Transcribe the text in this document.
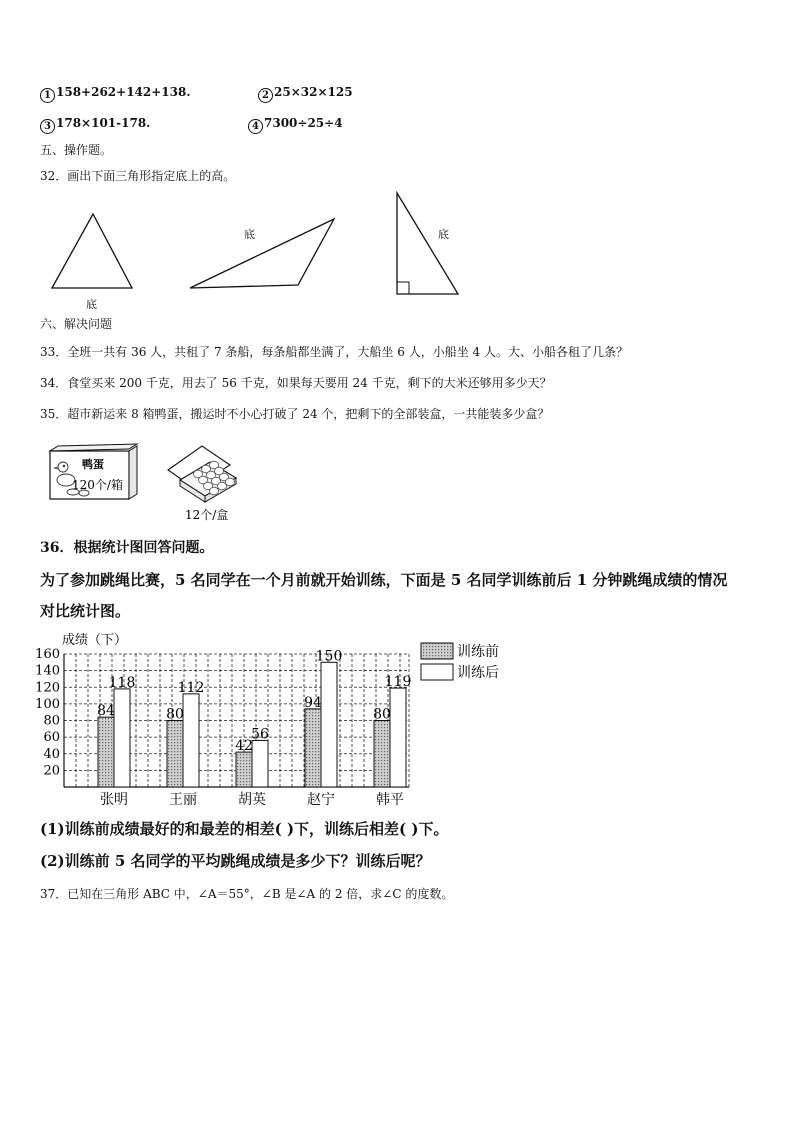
1 158+262+142+138.	2 25×32×125
3 178×101-178.	4 7300÷25÷4
五、操作题。
32．画出下面三角形指定底上的高。
底
底	底
六、解决问题
33．全班一共有 36 人，共租了 7 条船，每条船都坐满了，大船坐 6 人，小船坐 4 人。大、小船各租了几条？
34．食堂买来 200 千克，用去了 56 千克，如果每天要用 24 千克，剩下的大米还够用多少天？
35．超市新运来 8 箱鸭蛋，搬运时不小心打破了 24 个，把剩下的全部装盒，一共能装多少盒？
鸭蛋
120个/箱
12个/盒
36．根据统计图回答问题。
为了参加跳绳比赛，5 名同学在一个月前就开始训练，下面是 5 名同学训练前后 1 分钟跳绳成绩的情况
对比统计图。
20
40
60
80
100
120
140
160
84
118
张明
80
112
王丽
42
56
胡英
94
150
赵宁
80
119
韩平
成绩（下）
训练前
训练后
(1)训练前成绩最好的和最差的相差( )下，训练后相差( )下。
(2)训练前 5 名同学的平均跳绳成绩是多少下？训练后呢？
37．已知在三角形 ABC 中，∠A＝55°，∠B 是∠A 的 2 倍，求∠C 的度数。
